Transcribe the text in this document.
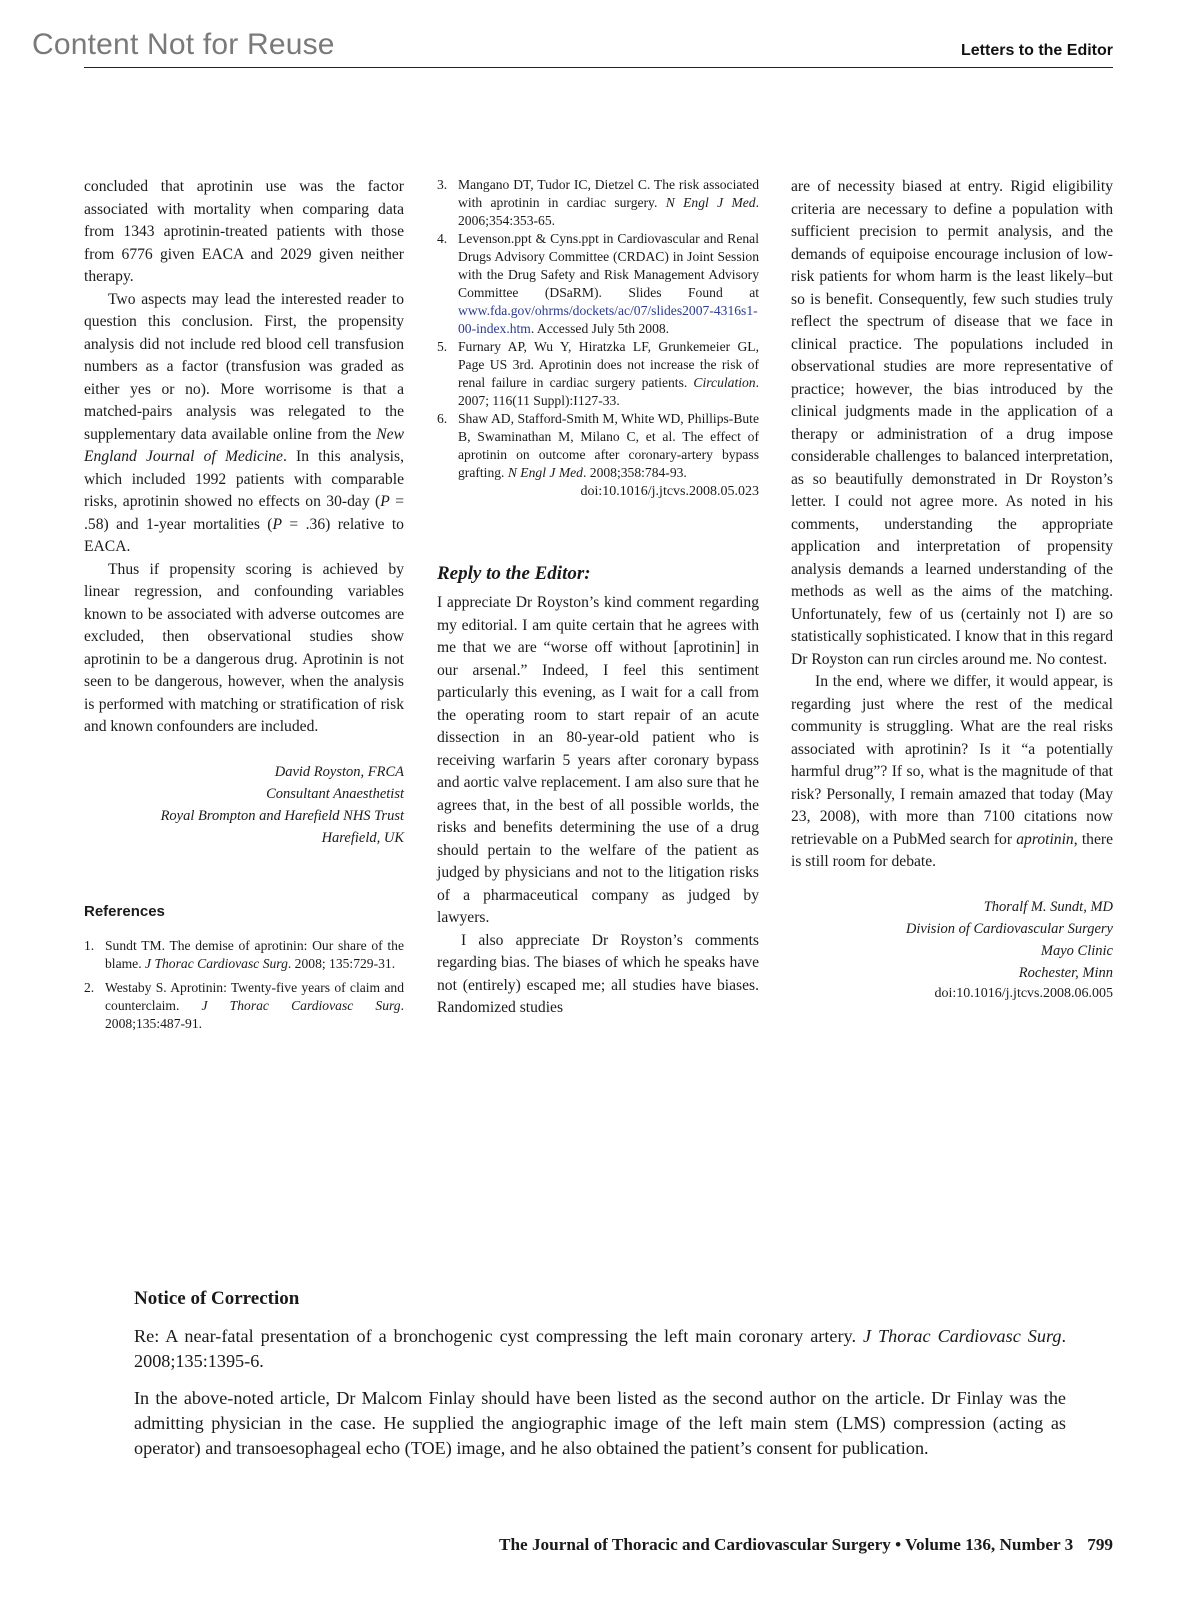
Content Not for Reuse	Letters to the Editor

concluded that aprotinin use was the factor associated with mortality when comparing data from 1343 aprotinin-treated patients with those from 6776 given EACA and 2029 given neither therapy.

Two aspects may lead the interested reader to question this conclusion. First, the propensity analysis did not include red blood cell transfusion numbers as a factor (transfusion was graded as either yes or no). More worrisome is that a matched-pairs analysis was relegated to the supplementary data available online from the New England Journal of Medicine. In this analysis, which included 1992 patients with comparable risks, aprotinin showed no effects on 30-day (P = .58) and 1-year mortalities (P = .36) relative to EACA.

Thus if propensity scoring is achieved by linear regression, and confounding variables known to be associated with adverse outcomes are excluded, then observational studies show aprotinin to be a dangerous drug. Aprotinin is not seen to be dangerous, however, when the analysis is performed with matching or stratification of risk and known confounders are included.

David Royston, FRCA
Consultant Anaesthetist
Royal Brompton and Harefield NHS Trust
Harefield, UK
References
1. Sundt TM. The demise of aprotinin: Our share of the blame. J Thorac Cardiovasc Surg. 2008; 135:729-31.
2. Westaby S. Aprotinin: Twenty-five years of claim and counterclaim. J Thorac Cardiovasc Surg. 2008;135:487-91.
3. Mangano DT, Tudor IC, Dietzel C. The risk associated with aprotinin in cardiac surgery. N Engl J Med. 2006;354:353-65.
4. Levenson.ppt & Cyns.ppt in Cardiovascular and Renal Drugs Advisory Committee (CRDAC) in Joint Session with the Drug Safety and Risk Management Advisory Committee (DSaRM). Slides Found at www.fda.gov/ohrms/dockets/ac/07/slides2007-4316s1-00-index.htm. Accessed July 5th 2008.
5. Furnary AP, Wu Y, Hiratzka LF, Grunkemeier GL, Page US 3rd. Aprotinin does not increase the risk of renal failure in cardiac surgery patients. Circulation. 2007; 116(11 Suppl):I127-33.
6. Shaw AD, Stafford-Smith M, White WD, Phillips-Bute B, Swaminathan M, Milano C, et al. The effect of aprotinin on outcome after coronary-artery bypass grafting. N Engl J Med. 2008;358:784-93.
doi:10.1016/j.jtcvs.2008.05.023
Reply to the Editor:

I appreciate Dr Royston’s kind comment regarding my editorial. I am quite certain that he agrees with me that we are “worse off without [aprotinin] in our arsenal.” Indeed, I feel this sentiment particularly this evening, as I wait for a call from the operating room to start repair of an acute dissection in an 80-year-old patient who is receiving warfarin 5 years after coronary bypass and aortic valve replacement. I am also sure that he agrees that, in the best of all possible worlds, the risks and benefits determining the use of a drug should pertain to the welfare of the patient as judged by physicians and not to the litigation risks of a pharmaceutical company as judged by lawyers.

I also appreciate Dr Royston’s comments regarding bias. The biases of which he speaks have not (entirely) escaped me; all studies have biases. Randomized studies

are of necessity biased at entry. Rigid eligibility criteria are necessary to define a population with sufficient precision to permit analysis, and the demands of equipoise encourage inclusion of low-risk patients for whom harm is the least likely–but so is benefit. Consequently, few such studies truly reflect the spectrum of disease that we face in clinical practice. The populations included in observational studies are more representative of practice; however, the bias introduced by the clinical judgments made in the application of a therapy or administration of a drug impose considerable challenges to balanced interpretation, as so beautifully demonstrated in Dr Royston’s letter. I could not agree more. As noted in his comments, understanding the appropriate application and interpretation of propensity analysis demands a learned understanding of the methods as well as the aims of the matching. Unfortunately, few of us (certainly not I) are so statistically sophisticated. I know that in this regard Dr Royston can run circles around me. No contest.

In the end, where we differ, it would appear, is regarding just where the rest of the medical community is struggling. What are the real risks associated with aprotinin? Is it “a potentially harmful drug”? If so, what is the magnitude of that risk? Personally, I remain amazed that today (May 23, 2008), with more than 7100 citations now retrievable on a PubMed search for aprotinin, there is still room for debate.

Thoralf M. Sundt, MD
Division of Cardiovascular Surgery
Mayo Clinic
Rochester, Minn
doi:10.1016/j.jtcvs.2008.06.005
Notice of Correction

Re: A near-fatal presentation of a bronchogenic cyst compressing the left main coronary artery. J Thorac Cardiovasc Surg. 2008;135:1395-6.

In the above-noted article, Dr Malcom Finlay should have been listed as the second author on the article. Dr Finlay was the admitting physician in the case. He supplied the angiographic image of the left main stem (LMS) compression (acting as operator) and transoesophageal echo (TOE) image, and he also obtained the patient’s consent for publication.

The Journal of Thoracic and Cardiovascular Surgery • Volume 136, Number 3 799
